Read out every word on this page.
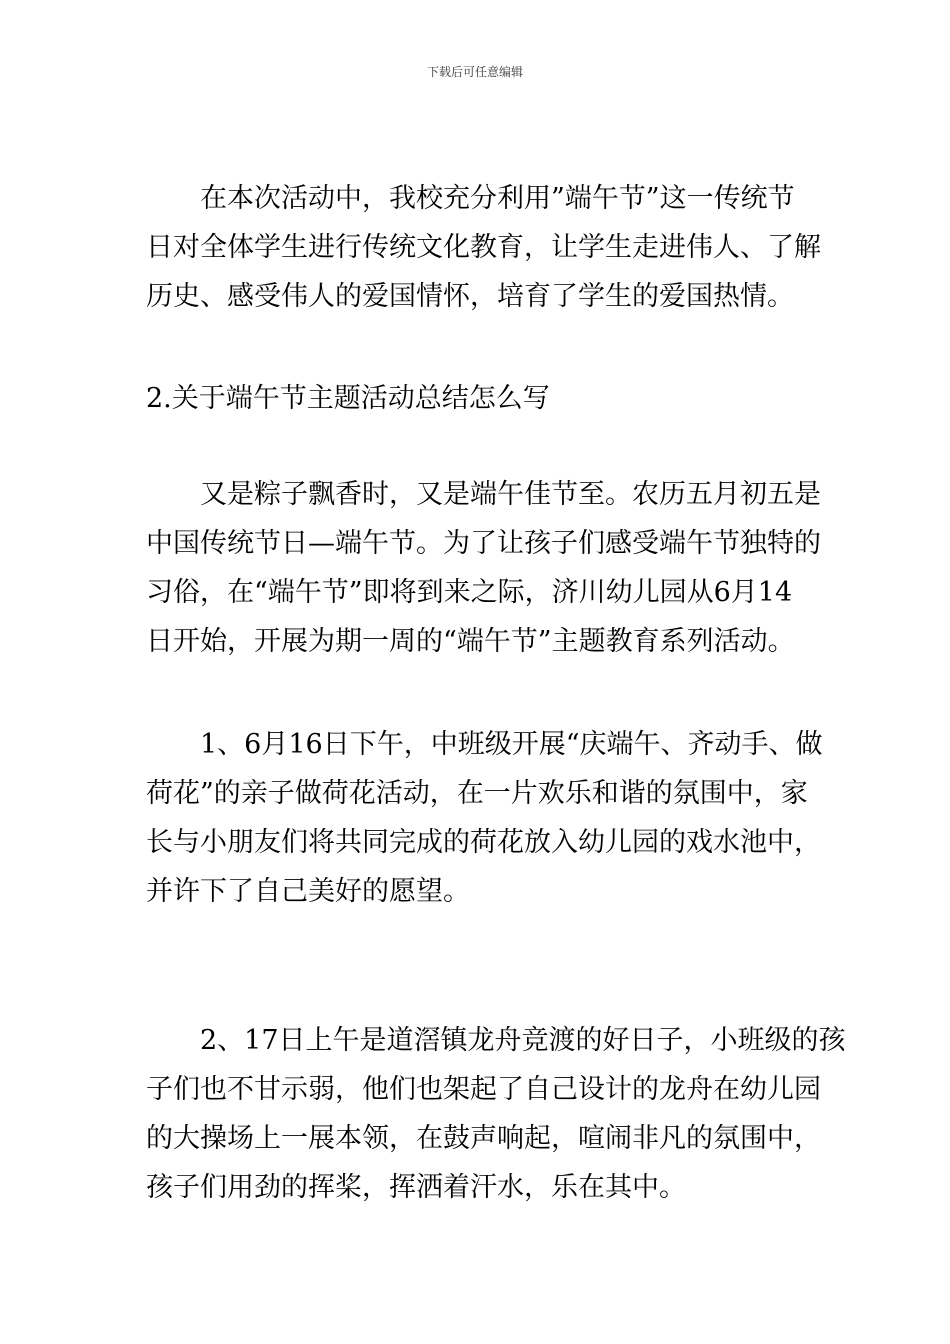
下载后可任意编辑

　　在本次活动中，我校充分利用”端午节”这一传统节
日对全体学生进行传统文化教育，让学生走进伟人、了解
历史、感受伟人的爱国情怀，培育了学生的爱国热情。

2.关于端午节主题活动总结怎么写

　　又是粽子飘香时，又是端午佳节至。农历五月初五是
中国传统节日—端午节。为了让孩子们感受端午节独特的
习俗，在“端午节”即将到来之际，济川幼儿园从6月14
日开始，开展为期一周的“端午节”主题教育系列活动。

　　1、6月16日下午，中班级开展“庆端午、齐动手、做
荷花”的亲子做荷花活动，在一片欢乐和谐的氛围中，家
长与小朋友们将共同完成的荷花放入幼儿园的戏水池中，
并许下了自己美好的愿望。

　　2、17日上午是道滘镇龙舟竞渡的好日子，小班级的孩
子们也不甘示弱，他们也架起了自己设计的龙舟在幼儿园
的大操场上一展本领，在鼓声响起，喧闹非凡的氛围中，
孩子们用劲的挥桨，挥洒着汗水，乐在其中。
